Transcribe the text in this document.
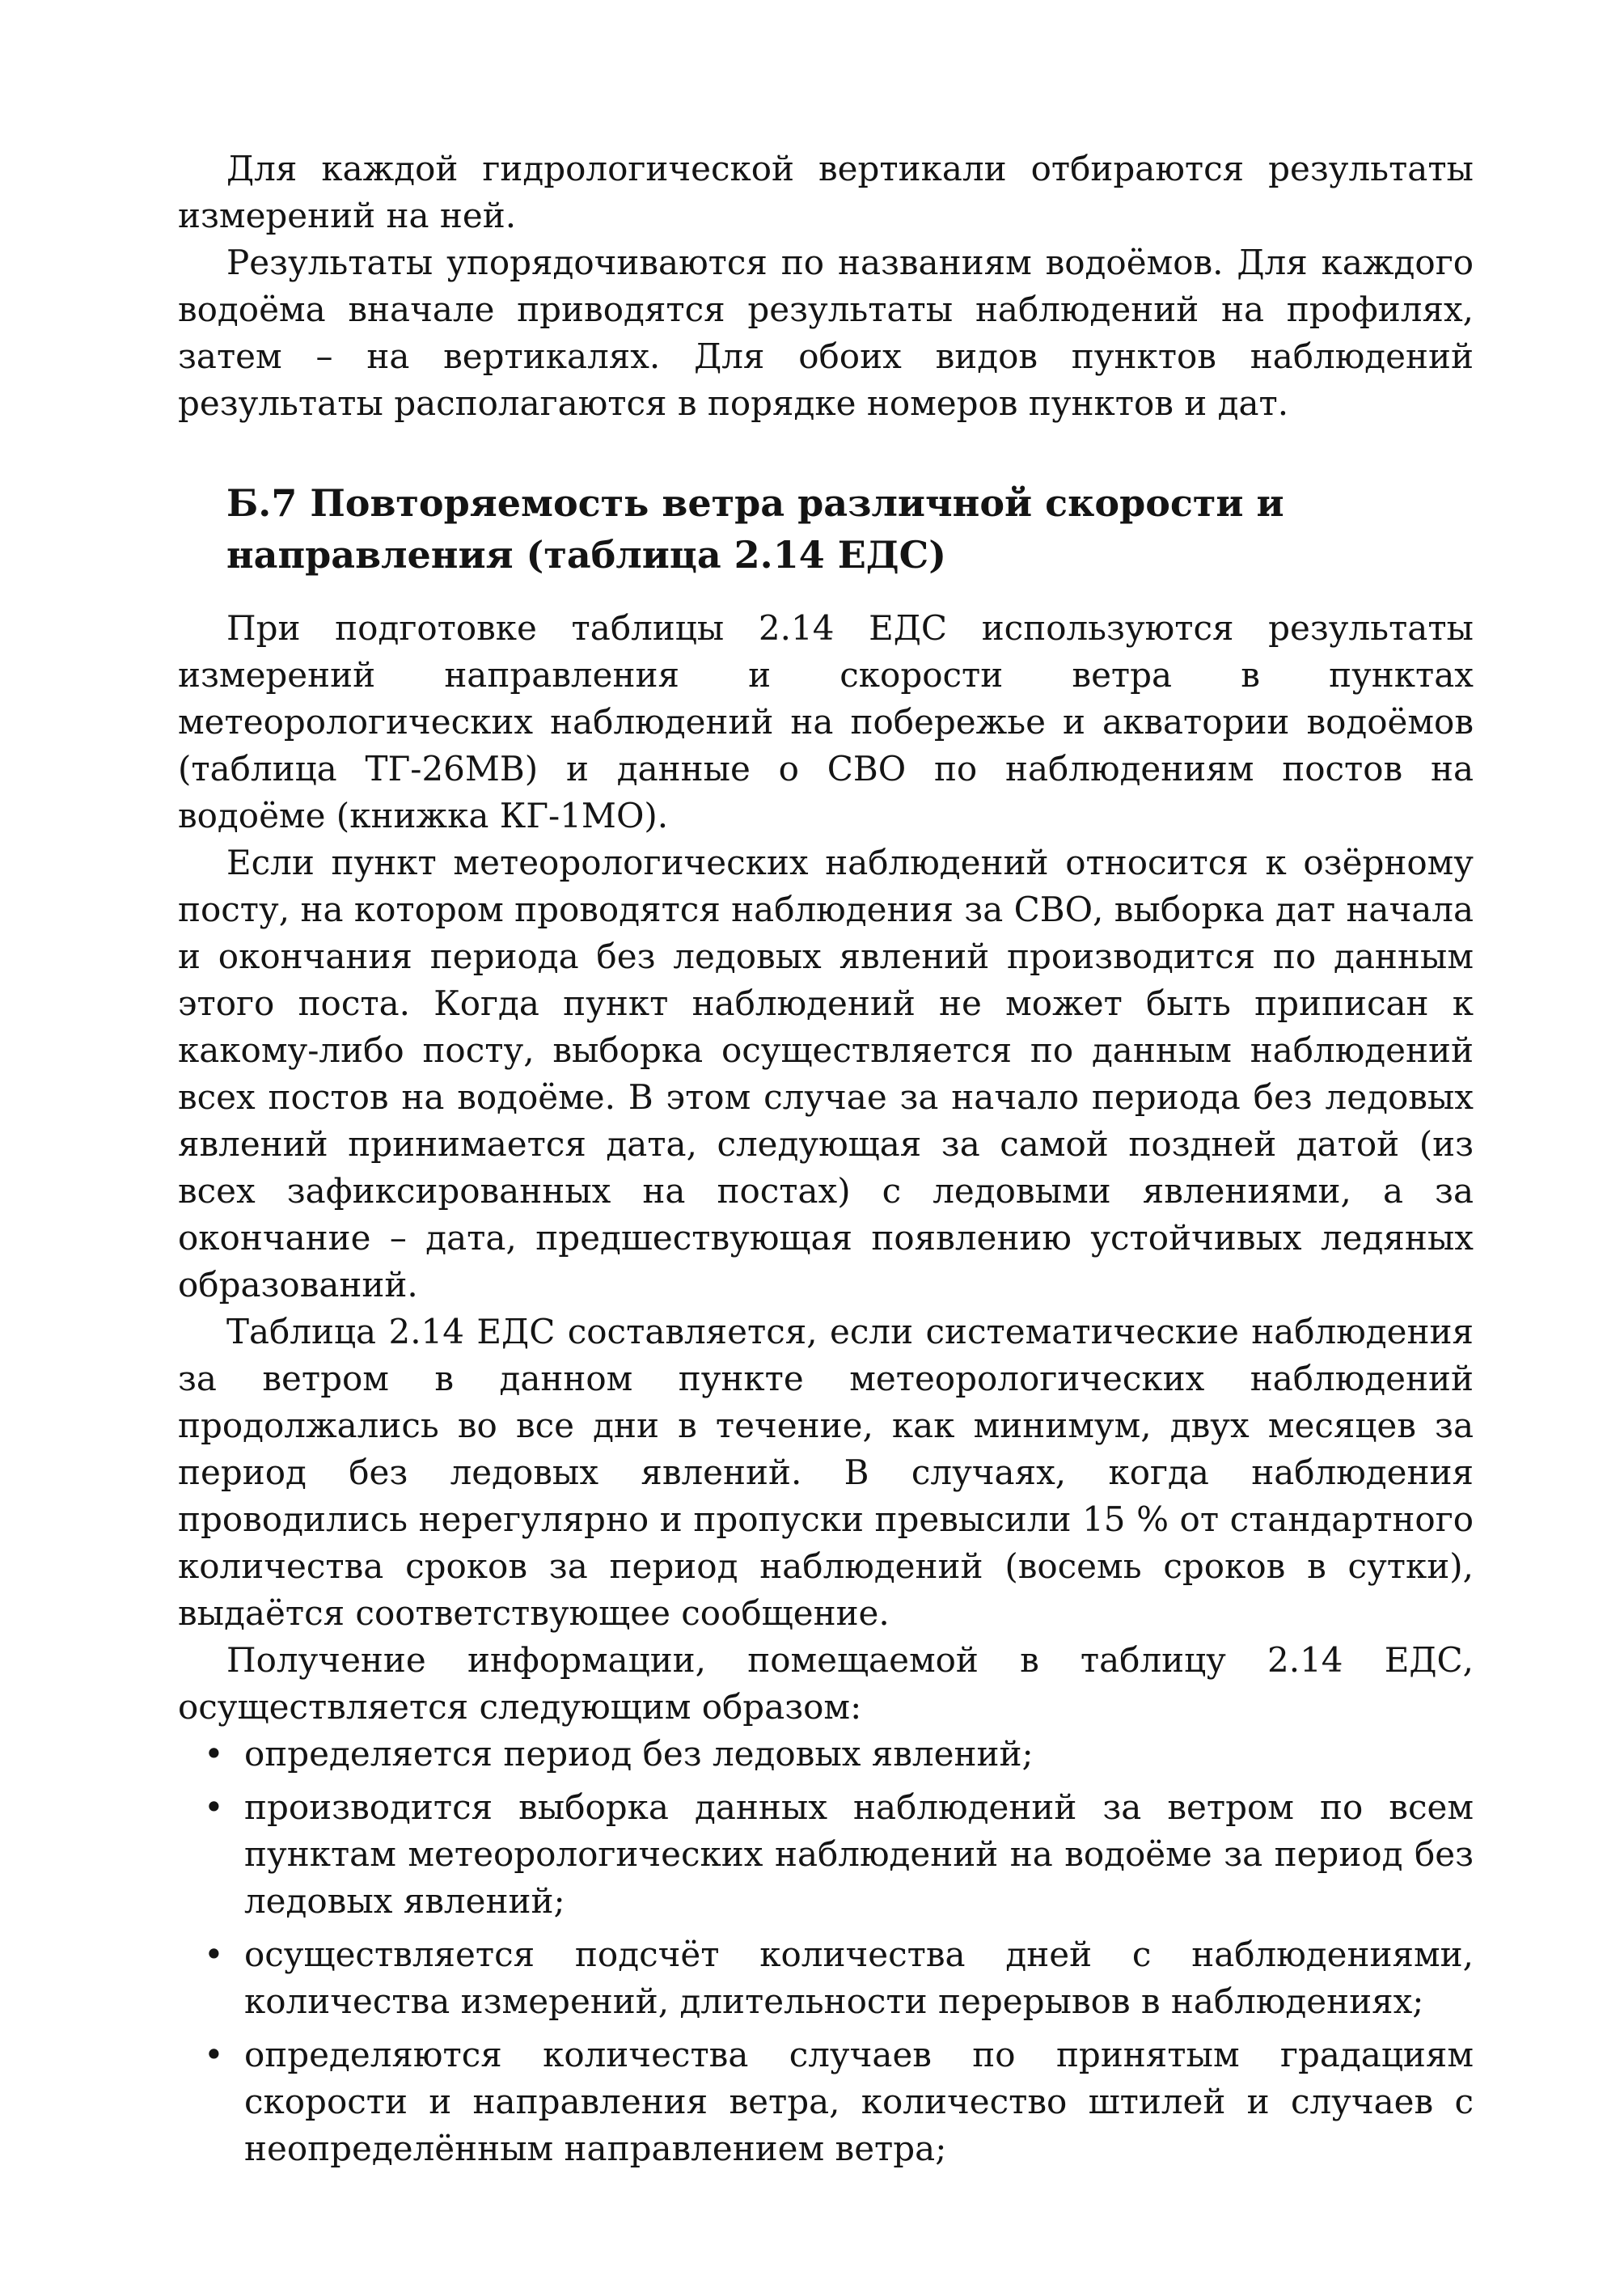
Для каждой гидрологической вертикали отбираются результаты измерений на ней.

Результаты упорядочиваются по названиям водоёмов. Для каждого водоёма вначале приводятся результаты наблюдений на профилях, затем – на вертикалях. Для обоих видов пунктов наблюдений результаты располагаются в порядке номеров пунктов и дат.

Б.7 Повторяемость ветра различной скорости и направления (таблица 2.14 ЕДС)

При подготовке таблицы 2.14 ЕДС используются результаты измерений направления и скорости ветра в пунктах метеорологических наблюдений на побережье и акватории водоёмов (таблица ТГ-26МВ) и данные о СВО по наблюдениям постов на водоёме (книжка КГ-1МО).

Если пункт метеорологических наблюдений относится к озёрному посту, на котором проводятся наблюдения за СВО, выборка дат начала и окончания периода без ледовых явлений производится по данным этого поста. Когда пункт наблюдений не может быть приписан к какому-либо посту, выборка осуществляется по данным наблюдений всех постов на водоёме. В этом случае за начало периода без ледовых явлений принимается дата, следующая за самой поздней датой (из всех зафиксированных на постах) с ледовыми явлениями, а за окончание – дата, предшествующая появлению устойчивых ледяных образований.

Таблица 2.14 ЕДС составляется, если систематические наблюдения за ветром в данном пункте метеорологических наблюдений продолжались во все дни в течение, как минимум, двух месяцев за период без ледовых явлений. В случаях, когда наблюдения проводились нерегулярно и пропуски превысили 15 % от стандартного количества сроков за период наблюдений (восемь сроков в сутки), выдаётся соответствующее сообщение.

Получение информации, помещаемой в таблицу 2.14 ЕДС, осуществляется следующим образом:

• определяется период без ледовых явлений;
• производится выборка данных наблюдений за ветром по всем пунктам метеорологических наблюдений на водоёме за период без ледовых явлений;
• осуществляется подсчёт количества дней с наблюдениями, количества измерений, длительности перерывов в наблюдениях;
• определяются количества случаев по принятым градациям скорости и направления ветра, количество штилей и случаев с неопределённым направлением ветра;
